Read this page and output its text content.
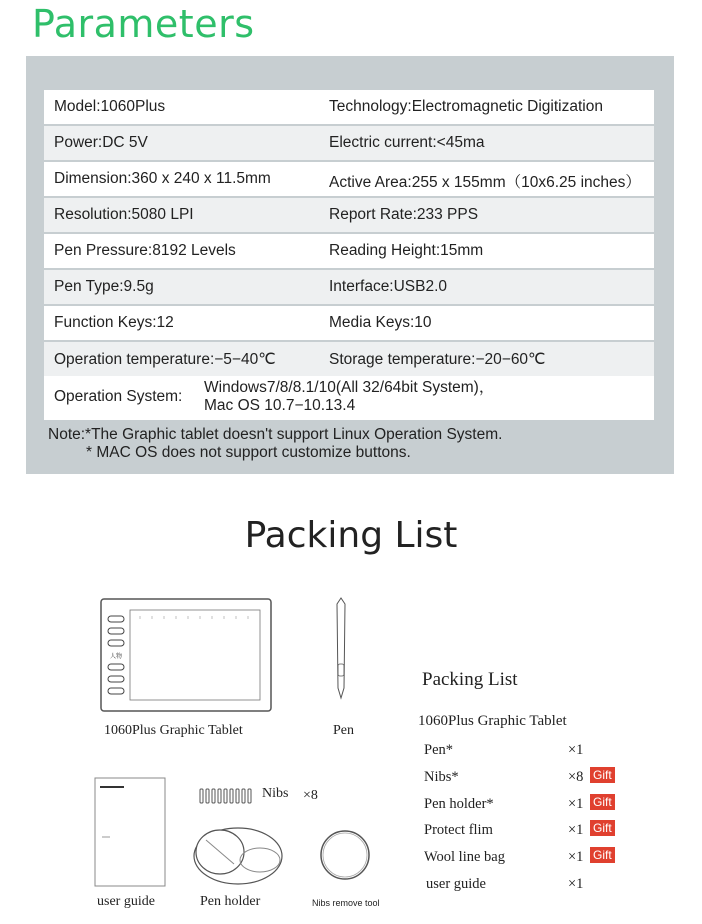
Parameters
Model:1060Plus	Technology:Electromagnetic Digitization
Power:DC 5V	Electric current:<45ma
Dimension:360 x 240 x 11.5mm	Active Area:255 x 155mm（10x6.25 inches）
Resolution:5080 LPI	Report Rate:233 PPS
Pen Pressure:8192 Levels	Reading Height:15mm
Pen Type:9.5g	Interface:USB2.0
Function Keys:12	Media Keys:10
Operation temperature:−5−40℃	Storage temperature:−20−60℃
Operation System:
Windows7/8/8.1/10(All 32/64bit System)，
Mac OS 10.7−10.13.4
Note:*The Graphic tablet doesn't support Linux Operation System.
* MAC OS does not support customize buttons.
Packing List
人物
1060Plus Graphic Tablet	Pen
user guide
Nibs ×8
Pen holder	Nibs remove tool
Packing List
1060Plus Graphic Tablet
Pen*	×1
Nibs*	×8 Gift
Pen holder*	×1 Gift
Protect flim	×1 Gift
Wool line bag	×1 Gift
user guide	×1
